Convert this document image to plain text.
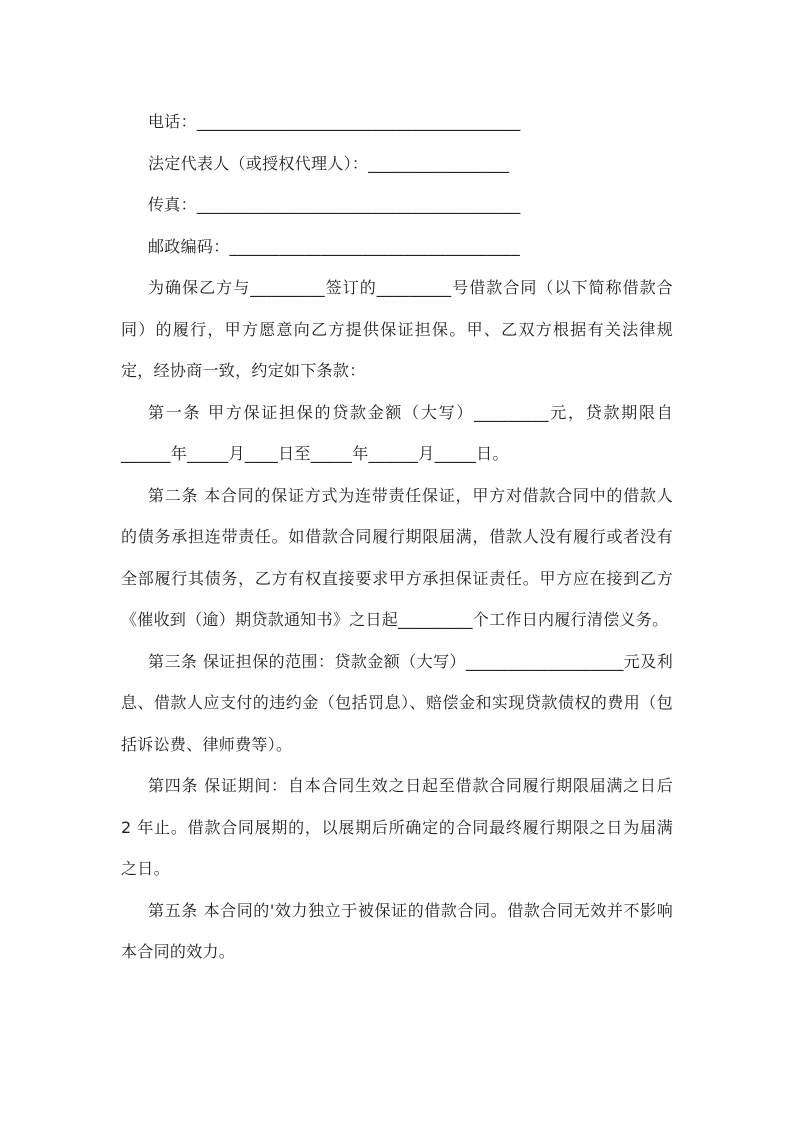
电话：_______________________________________
法定代表人（或授权代理人）：_________________
传真：_______________________________________
邮政编码：___________________________________

为确保乙方与_________签订的_________号借款合同（以下简称借款合同）的履行，甲方愿意向乙方提供保证担保。甲、乙双方根据有关法律规定，经协商一致，约定如下条款：

第一条 甲方保证担保的贷款金额（大写）_________元，贷款期限自______年_____月____日至_____年______月_____日。

第二条 本合同的保证方式为连带责任保证，甲方对借款合同中的借款人的债务承担连带责任。如借款合同履行期限届满，借款人没有履行或者没有全部履行其债务，乙方有权直接要求甲方承担保证责任。甲方应在接到乙方《催收到（逾）期贷款通知书》之日起_________个工作日内履行清偿义务。

第三条 保证担保的范围：贷款金额（大写）___________________元及利息、借款人应支付的违约金（包括罚息）、赔偿金和实现贷款债权的费用（包括诉讼费、律师费等）。

第四条 保证期间：自本合同生效之日起至借款合同履行期限届满之日后 2 年止。借款合同展期的，以展期后所确定的合同最终履行期限之日为届满之日。

第五条 本合同的'效力独立于被保证的借款合同。借款合同无效并不影响本合同的效力。
